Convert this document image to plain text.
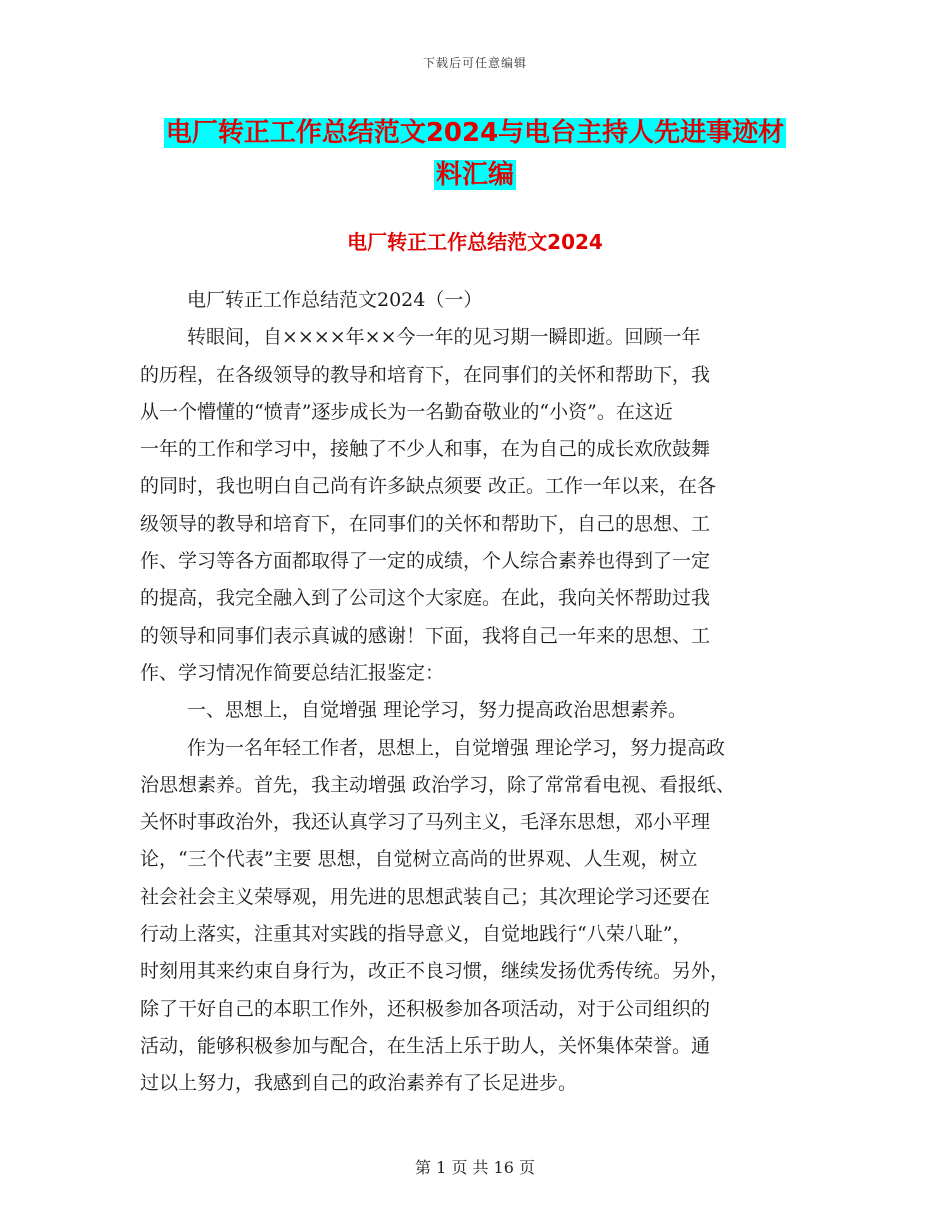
下载后可任意编辑
电厂转正工作总结范文2024与电台主持人先进事迹材
料汇编
电厂转正工作总结范文2024
电厂转正工作总结范文2024（一）
转眼间，自××××年××今一年的见习期一瞬即逝。回顾一年
的历程，在各级领导的教导和培育下，在同事们的关怀和帮助下，我
从一个懵懂的“愤青”逐步成长为一名勤奋敬业的“小资”。在这近
一年的工作和学习中，接触了不少人和事，在为自己的成长欢欣鼓舞
的同时，我也明白自己尚有许多缺点须要 改正。工作一年以来，在各
级领导的教导和培育下，在同事们的关怀和帮助下，自己的思想、工
作、学习等各方面都取得了一定的成绩，个人综合素养也得到了一定
的提高，我完全融入到了公司这个大家庭。在此，我向关怀帮助过我
的领导和同事们表示真诚的感谢！下面，我将自己一年来的思想、工
作、学习情况作简要总结汇报鉴定：
一、思想上，自觉增强 理论学习，努力提高政治思想素养。
作为一名年轻工作者，思想上，自觉增强 理论学习，努力提高政
治思想素养。首先，我主动增强 政治学习，除了常常看电视、看报纸、
关怀时事政治外，我还认真学习了马列主义，毛泽东思想，邓小平理
论，“三个代表”主要 思想，自觉树立高尚的世界观、人生观，树立
社会社会主义荣辱观，用先进的思想武装自己；其次理论学习还要在
行动上落实，注重其对实践的指导意义，自觉地践行“八荣八耻”，
时刻用其来约束自身行为，改正不良习惯，继续发扬优秀传统。另外，
除了干好自己的本职工作外，还积极参加各项活动，对于公司组织的
活动，能够积极参加与配合，在生活上乐于助人，关怀集体荣誉。通
过以上努力，我感到自己的政治素养有了长足进步。
第 1 页 共 16 页
